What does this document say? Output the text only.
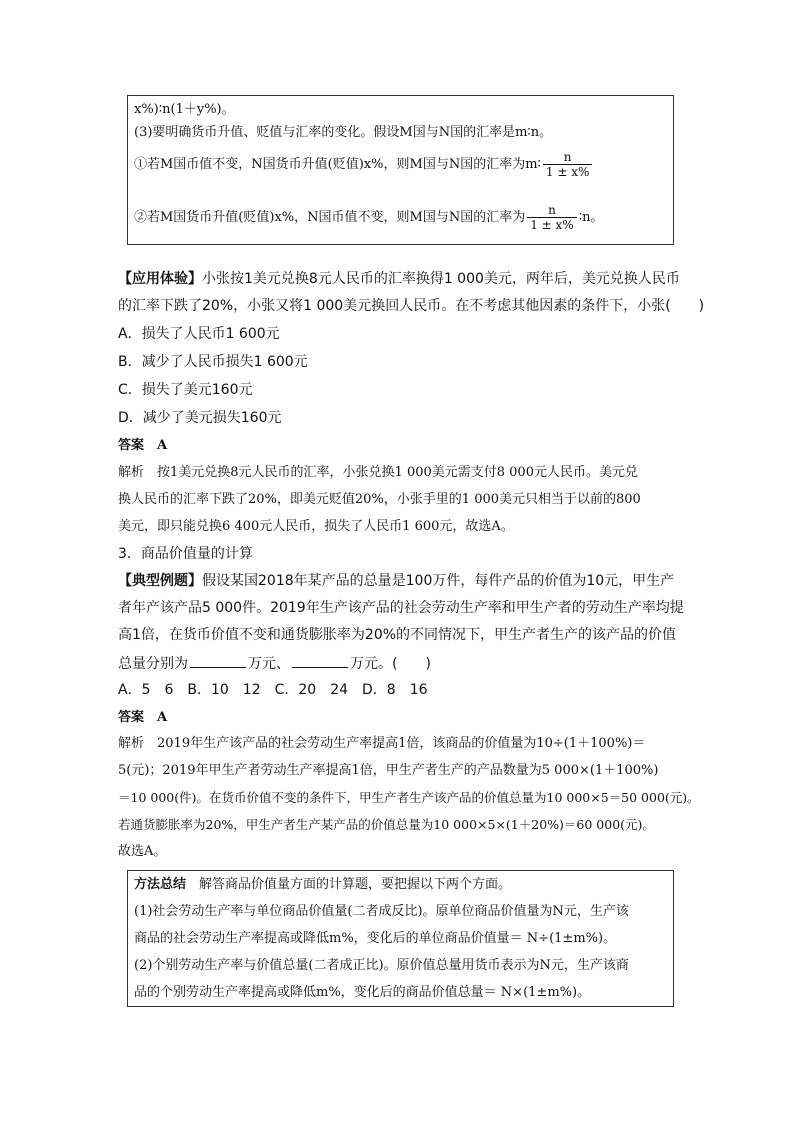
x%)∶n(1＋y%)。
(3)要明确货币升值、贬值与汇率的变化。假设M国与N国的汇率是m∶n。
①若M国币值不变，N国货币升值(贬值)x%，则M国与N国的汇率为m∶ $\frac{n}{1 \pm x\%}$
②若M国货币升值(贬值)x%，N国币值不变，则M国与N国的汇率为 $\frac{n}{1 \pm x\%}$ ∶n。
【应用体验】小张按1美元兑换8元人民币的汇率换得1 000美元，两年后，美元兑换人民币
的汇率下跌了20%，小张又将1 000美元换回人民币。在不考虑其他因素的条件下，小张(　　)
A．损失了人民币1 600元
B．减少了人民币损失1 600元
C．损失了美元160元
D．减少了美元损失160元
答案　A
解析　按1美元兑换8元人民币的汇率，小张兑换1 000美元需支付8 000元人民币。美元兑
换人民币的汇率下跌了20%，即美元贬值20%，小张手里的1 000美元只相当于以前的800
美元，即只能兑换6 400元人民币，损失了人民币1 600元，故选A。
3．商品价值量的计算
【典型例题】假设某国2018年某产品的总量是100万件，每件产品的价值为10元，甲生产
者年产该产品5 000件。2019年生产该产品的社会劳动生产率和甲生产者的劳动生产率均提
高1倍，在货币价值不变和通货膨胀率为20%的不同情况下，甲生产者生产的该产品的价值
总量分别为	万元、	万元。(　　)
A．5　6　B．10　12　C．20　24　D．8　16
答案　A
解析　2019年生产该产品的社会劳动生产率提高1倍，该商品的价值量为10÷(1＋100%)＝
5(元)；2019年甲生产者劳动生产率提高1倍，甲生产者生产的产品数量为5 000×(1＋100%)
＝10 000(件)。在货币价值不变的条件下，甲生产者生产该产品的价值总量为10 000×5＝50 000(元)。
若通货膨胀率为20%，甲生产者生产某产品的价值总量为10 000×5×(1＋20%)＝60 000(元)。
故选A。
方法总结　解答商品价值量方面的计算题，要把握以下两个方面。
(1)社会劳动生产率与单位商品价值量(二者成反比)。原单位商品价值量为N元，生产该
商品的社会劳动生产率提高或降低m%，变化后的单位商品价值量＝ N÷(1±m%)。
(2)个别劳动生产率与价值总量(二者成正比)。原价值总量用货币表示为N元，生产该商
品的个别劳动生产率提高或降低m%，变化后的商品价值总量＝ N×(1±m%)。
